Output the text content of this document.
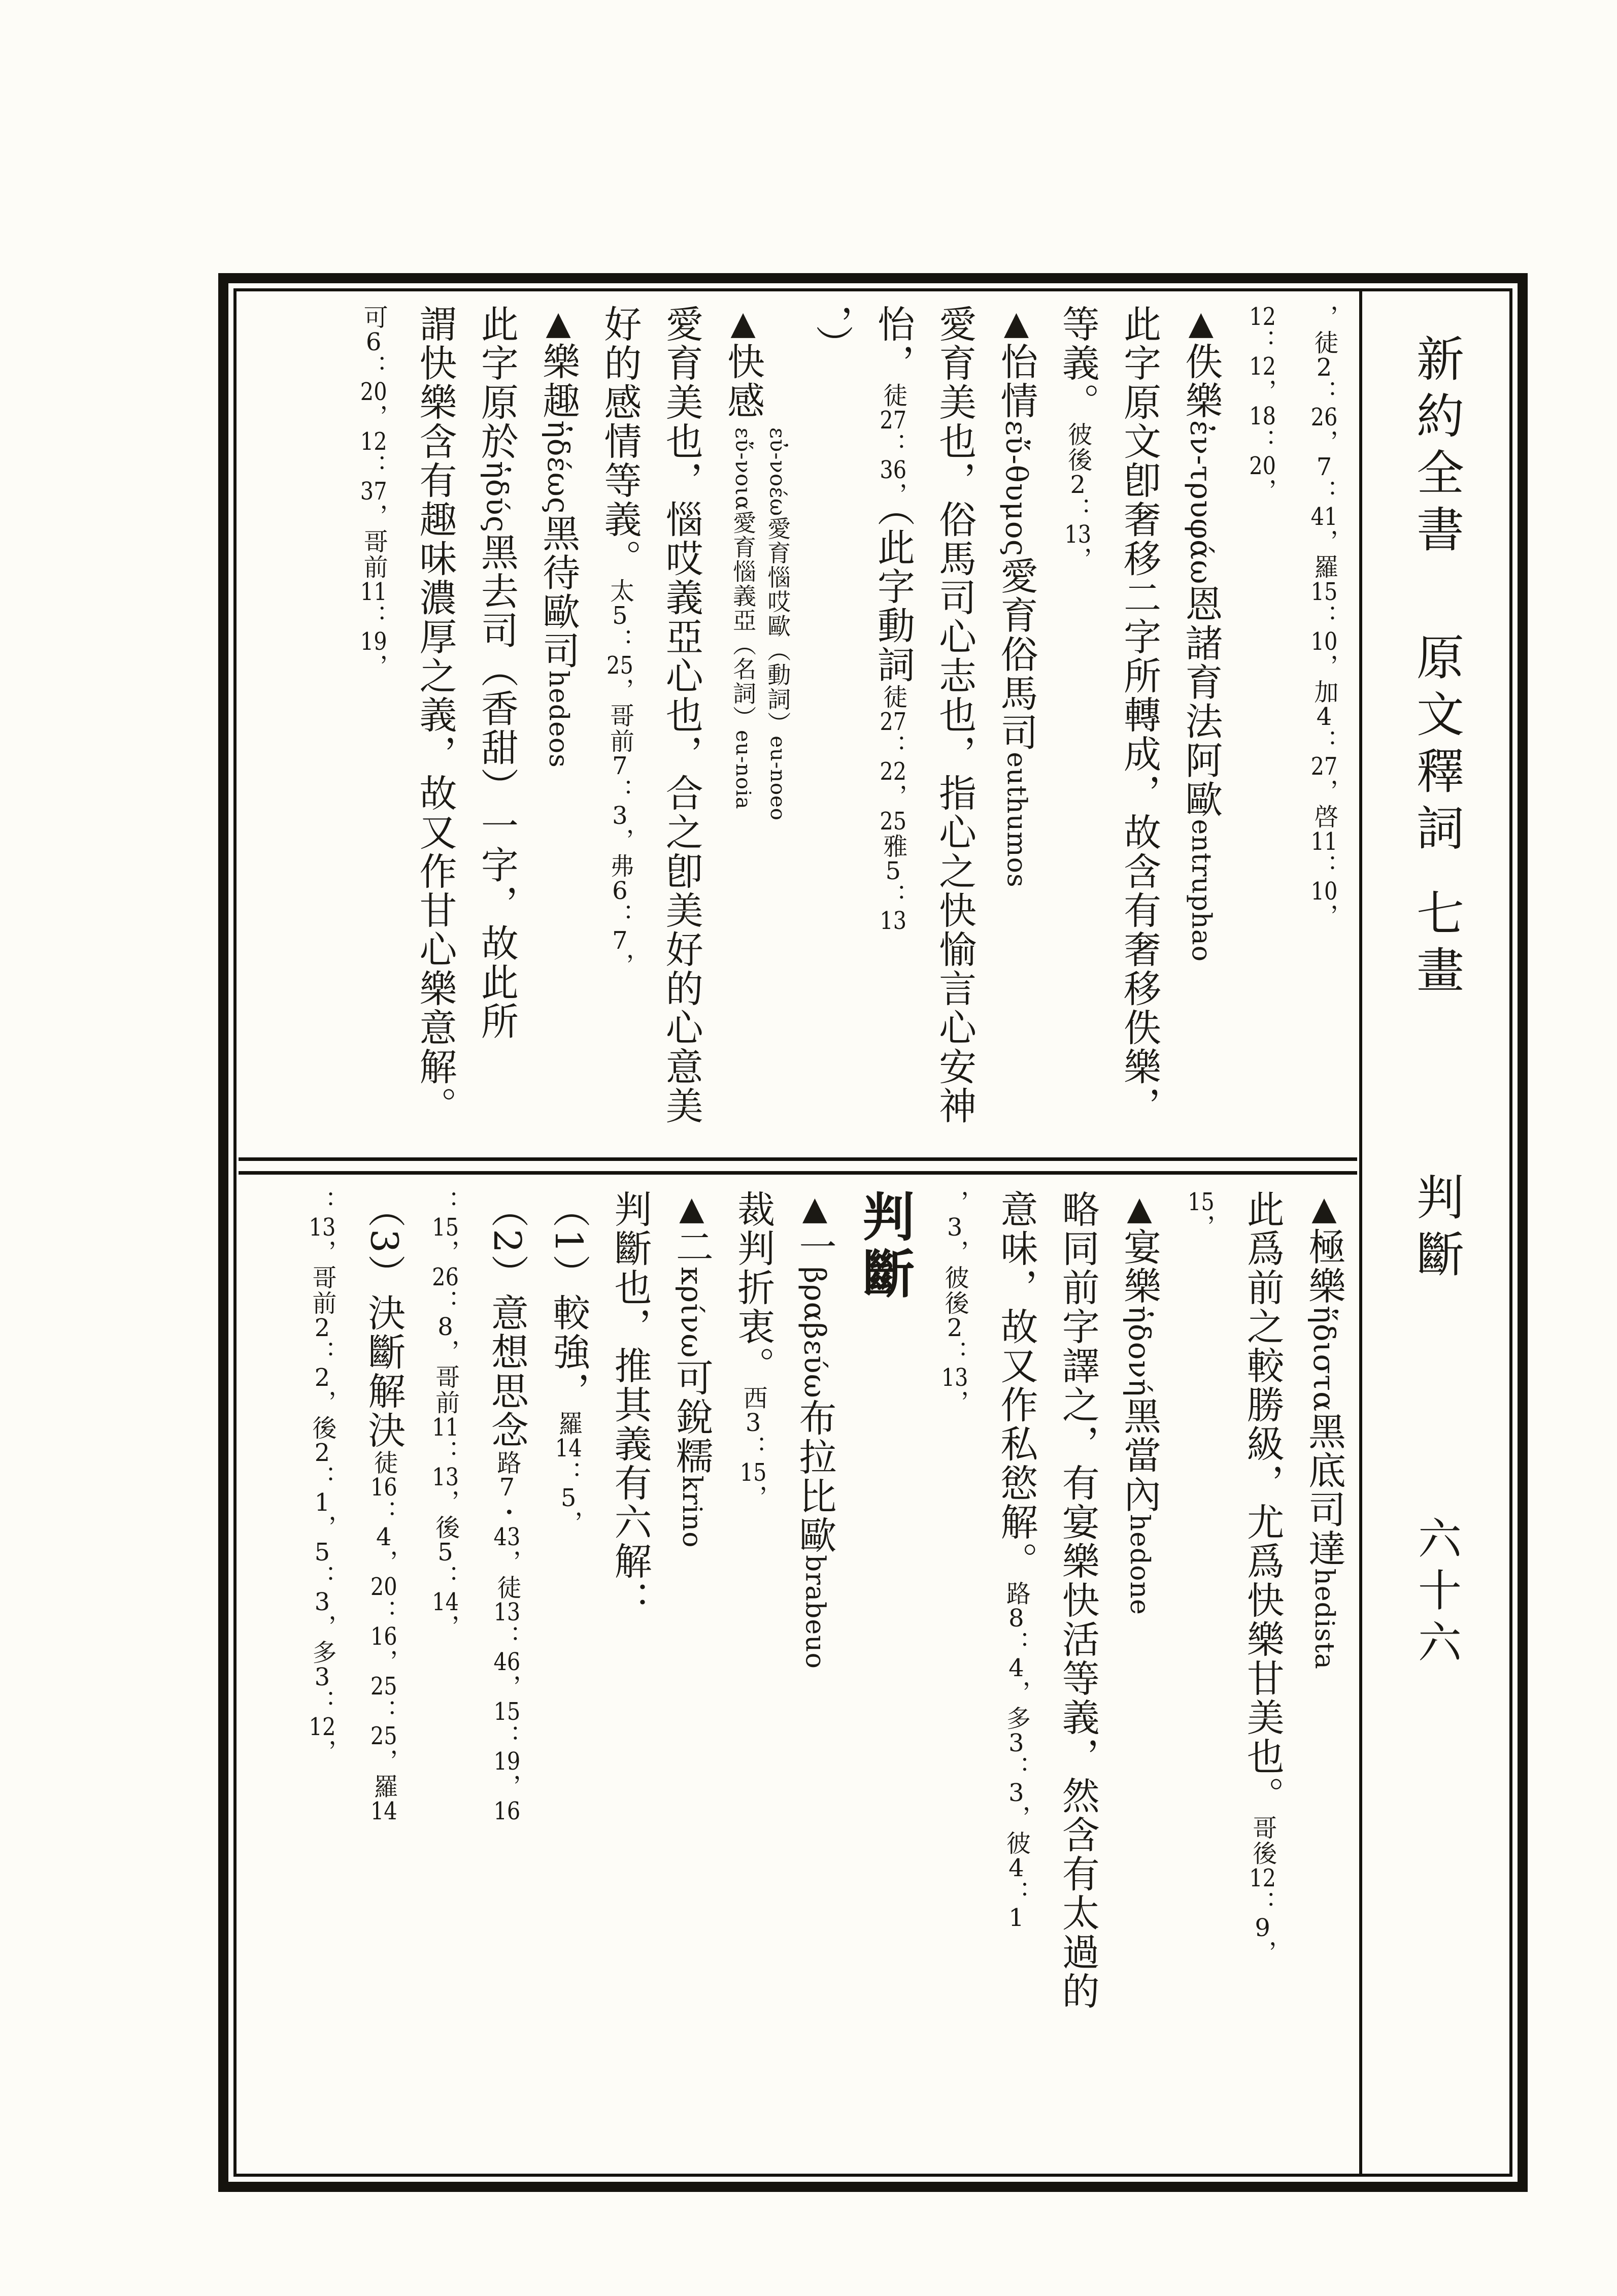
，徒2：26，7：41，羅15：10，加4：27，啓11：10，
12：12，18：20，
▲佚樂ἐν-τρυφάω恩諸育法阿歐entruphao
此字原文卽奢移二字所轉成，故含有奢移佚樂，
等義。彼後2：13，
▲怡情εὔ-θυμος愛育俗馬司euthumos
愛育美也，俗馬司心志也，指心之快愉言心安神
怡，徒27：36，（此字動詞徒27：22，25雅5：13
，）
▲快感
εὐ-νοέω愛育惱哎歐（動詞）eu-noeo
εὔ-νοια愛育惱義亞（名詞）eu-noia
愛育美也，惱哎義亞心也，合之卽美好的心意美
好的感情等義。太5：25，哥前7：3，弗6：7，
▲樂趣ἡδέως黑待歐司hedeos
此字原於ἡδύς黑去司（香甜）一字，故此所
謂快樂含有趣味濃厚之義，故又作甘心樂意解。
可6：20，12：37，哥前11：19，
▲極樂ἥδιστα黑底司達hedista
此爲前之較勝級，尤爲快樂甘美也。哥後12：9，
15，
▲宴樂ἡδονή黑當內hedone
略同前字譯之，有宴樂快活等義，然含有太過的
意味，故又作私慾解。路8：4，多3：3，彼4：1
，3，彼後2：13，
判斷
▲一βραβεύω布拉比歐brabeuo
裁判折衷。西3：15，
▲二κρίνω可銳糯krino
判斷也，推其義有六解：
（1）較強，羅14：5，
（2）意想思念路7・43，徒13：46，15：19，16
：15，26：8，哥前11：13，後5：14，
（3）決斷解決徒16：4，20：16，25：25，羅14
：13，哥前2：2，後2：1，5：3，多3：12，
新約全書
原文釋詞
七畫
判斷
六十六
